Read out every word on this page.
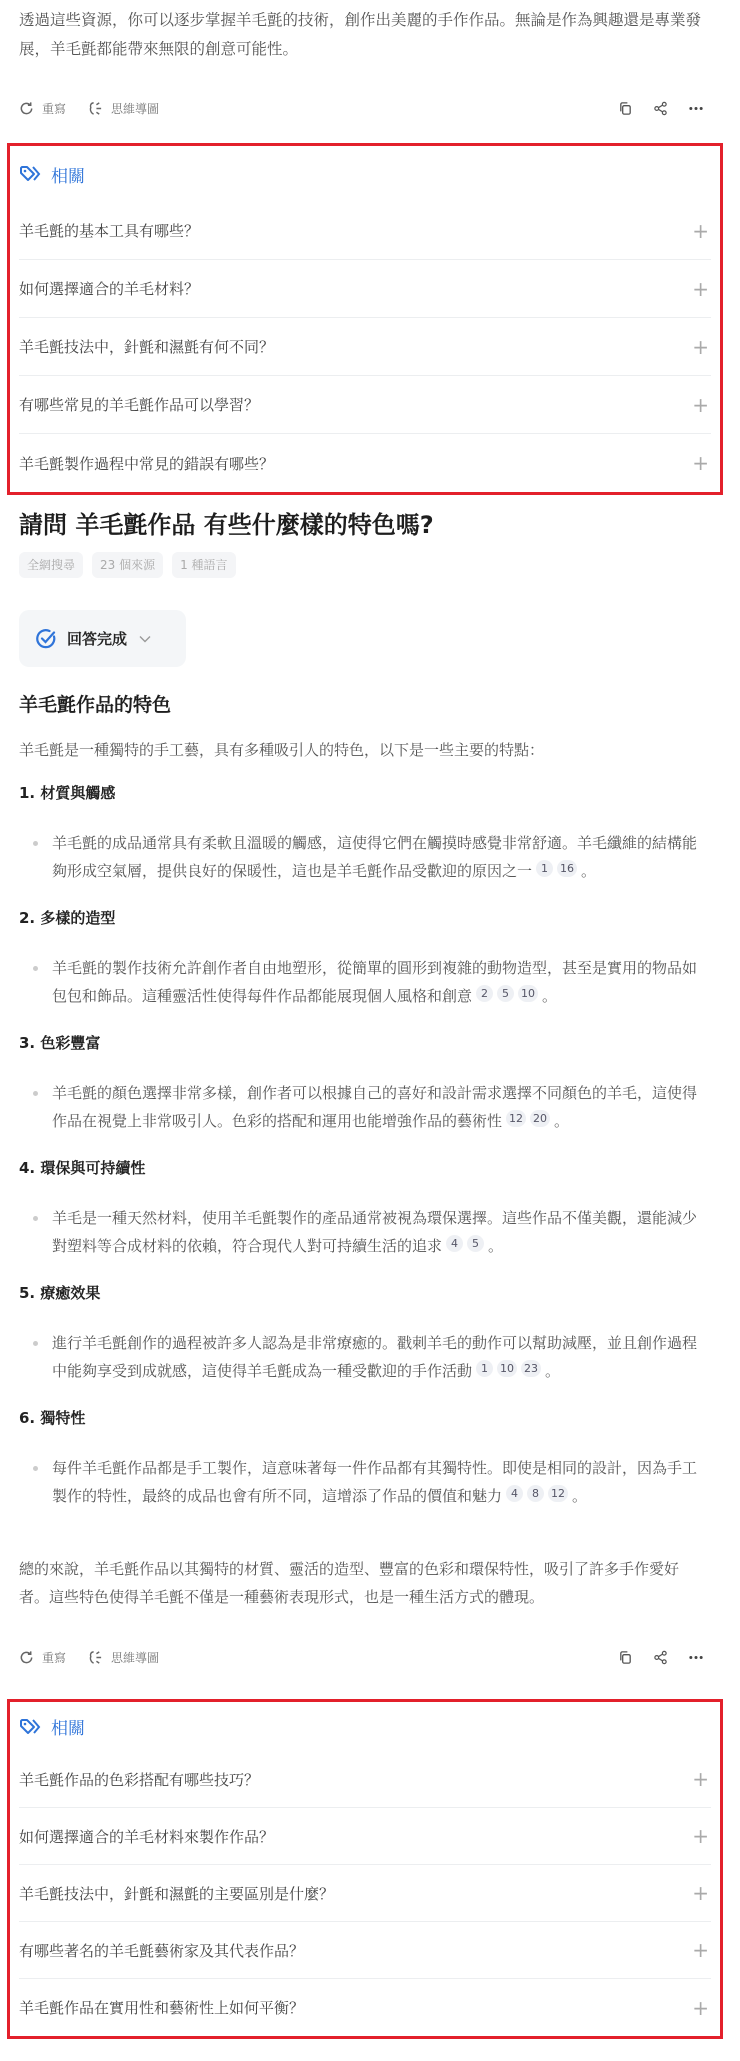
透過這些資源，你可以逐步掌握羊毛氈的技術，創作出美麗的手作作品。無論是作為興趣還是專業發展，羊毛氈都能帶來無限的創意可能性。
重寫	思維導圖
相關
羊毛氈的基本工具有哪些？	+
如何選擇適合的羊毛材料？	+
羊毛氈技法中，針氈和濕氈有何不同？	+
有哪些常見的羊毛氈作品可以學習？	+
羊毛氈製作過程中常見的錯誤有哪些？	+
請問 羊毛氈作品 有些什麼樣的特色嗎?
全網搜尋	23 個來源	1 種語言
回答完成
羊毛氈作品的特色
羊毛氈是一種獨特的手工藝，具有多種吸引人的特色，以下是一些主要的特點：
1. 材質與觸感
羊毛氈的成品通常具有柔軟且溫暖的觸感，這使得它們在觸摸時感覺非常舒適。羊毛纖維的結構能夠形成空氣層，提供良好的保暖性，這也是羊毛氈作品受歡迎的原因之一 1 16 。
2. 多樣的造型
羊毛氈的製作技術允許創作者自由地塑形，從簡單的圓形到複雜的動物造型，甚至是實用的物品如包包和飾品。這種靈活性使得每件作品都能展現個人風格和創意 2 5 10 。
3. 色彩豐富
羊毛氈的顏色選擇非常多樣，創作者可以根據自己的喜好和設計需求選擇不同顏色的羊毛，這使得作品在視覺上非常吸引人。色彩的搭配和運用也能增強作品的藝術性 12 20 。
4. 環保與可持續性
羊毛是一種天然材料，使用羊毛氈製作的產品通常被視為環保選擇。這些作品不僅美觀，還能減少對塑料等合成材料的依賴，符合現代人對可持續生活的追求 4 5 。
5. 療癒效果
進行羊毛氈創作的過程被許多人認為是非常療癒的。戳刺羊毛的動作可以幫助減壓，並且創作過程中能夠享受到成就感，這使得羊毛氈成為一種受歡迎的手作活動 1 10 23 。
6. 獨特性
每件羊毛氈作品都是手工製作，這意味著每一件作品都有其獨特性。即使是相同的設計，因為手工製作的特性，最終的成品也會有所不同，這增添了作品的價值和魅力 4 8 12 。
總的來說，羊毛氈作品以其獨特的材質、靈活的造型、豐富的色彩和環保特性，吸引了許多手作愛好者。這些特色使得羊毛氈不僅是一種藝術表現形式，也是一種生活方式的體現。
重寫	思維導圖
相關
羊毛氈作品的色彩搭配有哪些技巧？	+
如何選擇適合的羊毛材料來製作作品？	+
羊毛氈技法中，針氈和濕氈的主要區別是什麼？	+
有哪些著名的羊毛氈藝術家及其代表作品？	+
羊毛氈作品在實用性和藝術性上如何平衡？	+
